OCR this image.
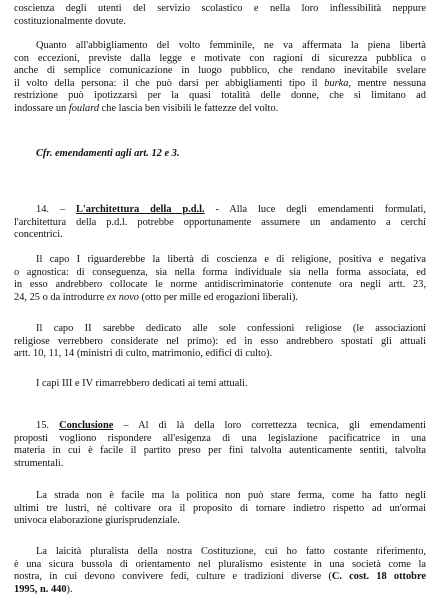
coscienza degli utenti del servizio scolastico e nella loro inflessibilità neppure
costituzionalmente dovute.

Quanto all'abbigliamento del volto femminile, ne va affermata la piena libertà
con eccezioni, previste dalla legge e motivate con ragioni di sicurezza pubblica o
anche di semplice comunicazione in luogo pubblico, che rendano inevitabile svelare
il volto della persona: il che può darsi per abbigliamenti tipo il burka, mentre nessuna
restrizione può ipotizzarsi per la quasi totalità delle donne, che si limitano ad
indossare un foulard che lascia ben visibili le fattezze del volto.

Cfr. emendamenti agli art. 12 e 3.

14. – L'architettura della p.d.l. - Alla luce degli emendamenti formulati,
l'architettura della p.d.l. potrebbe opportunamente assumere un andamento a cerchi
concentrici.

Il capo I riguarderebbe la libertà di coscienza e di religione, positiva e negativa
o agnostica: di conseguenza, sia nella forma individuale sia nella forma associata, ed
in esso andrebbero collocate le norme antidiscriminatorie contenute ora negli artt. 23,
24, 25 o da introdurre ex novo (otto per mille ed erogazioni liberali).

Il capo II sarebbe dedicato alle sole confessioni religiose (le associazioni
religiose verrebbero considerate nel primo): ed in esso andrebbero spostati gli attuali
artt. 10, 11, 14 (ministri di culto, matrimonio, edifici di culto).

I capi III e IV rimarrebbero dedicati ai temi attuali.

15. Conclusione – Al di là della loro correttezza tecnica, gli emendamenti
proposti vogliono rispondere all'esigenza di una legislazione pacificatrice in una
materia in cui è facile il partito preso per fini talvolta autenticamente sentiti, talvolta
strumentali.

La strada non è facile ma la politica non può stare ferma, come ha fatto negli
ultimi tre lustri, né coltivare ora il proposito di tornare indietro rispetto ad un'ormai
univoca elaborazione giurisprudenziale.

La laicità pluralista della nostra Costituzione, cui ho fatto costante riferimento,
è una sicura bussola di orientamento nel pluralismo esistente in una società come la
nostra, in cui devono convivere fedi, culture e tradizioni diverse (C. cost. 18 ottobre
1995, n. 440).
